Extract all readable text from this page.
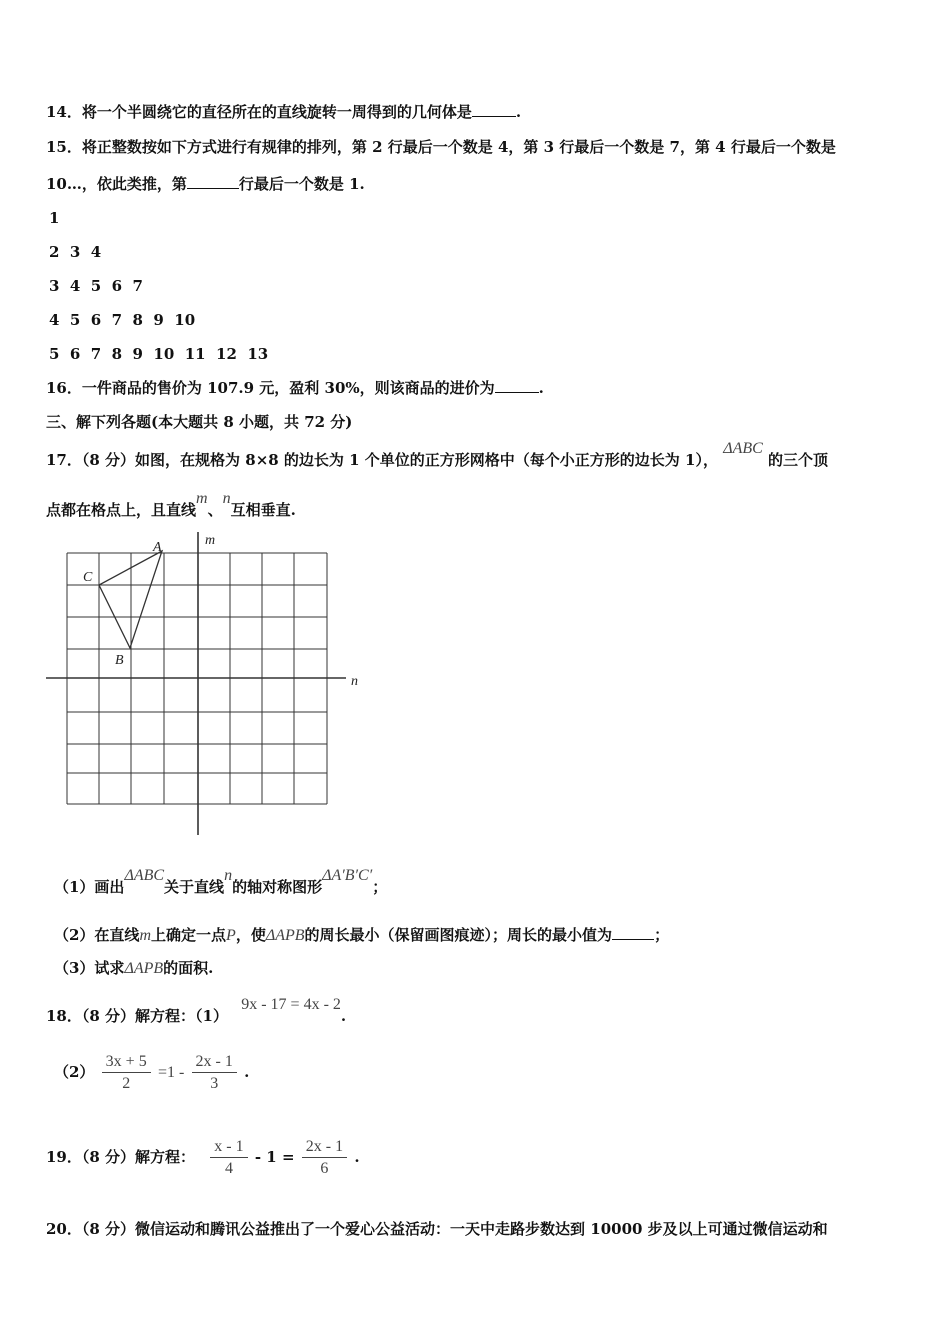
14．将一个半圆绕它的直径所在的直线旋转一周得到的几何体是	.
15．将正整数按如下方式进行有规律的排列，第 2 行最后一个数是 4，第 3 行最后一个数是 7，第 4 行最后一个数是
10…，依此类推，第	行最后一个数是 1.
1
2  3  4
3  4  5  6  7
4  5  6  7  8  9  10
5  6  7  8  9  10  11  12  13
16．一件商品的售价为 107.9 元，盈利 30%，则该商品的进价为	.
三、解下列各题(本大题共 8 小题，共 72 分)
17．（8 分）如图，在规格为 8×8 的边长为 1 个单位的正方形网格中（每个小正方形的边长为 1）， ΔABC 的三个顶
点都在格点上，且直线m、n互相垂直.
A
C
B
m
n
（1）画出ΔABC关于直线n的轴对称图形ΔA′B′C′；
（2）在直线m上确定一点P，使ΔAPB的周长最小（保留画图痕迹）；周长的最小值为	；
（3）试求ΔAPB的面积.
18．（8 分）解方程：（1） 9x - 17 = 4x - 2.
$(2) \frac{3x + 5}{2} =1 - \frac{2x - 1}{3}$ .
19．（8 分）解方程： $\frac{x - 1}{4} - 1 = \frac{2x - 1}{6}$ .
20．（8 分）微信运动和腾讯公益推出了一个爱心公益活动：一天中走路步数达到 10000 步及以上可通过微信运动和
